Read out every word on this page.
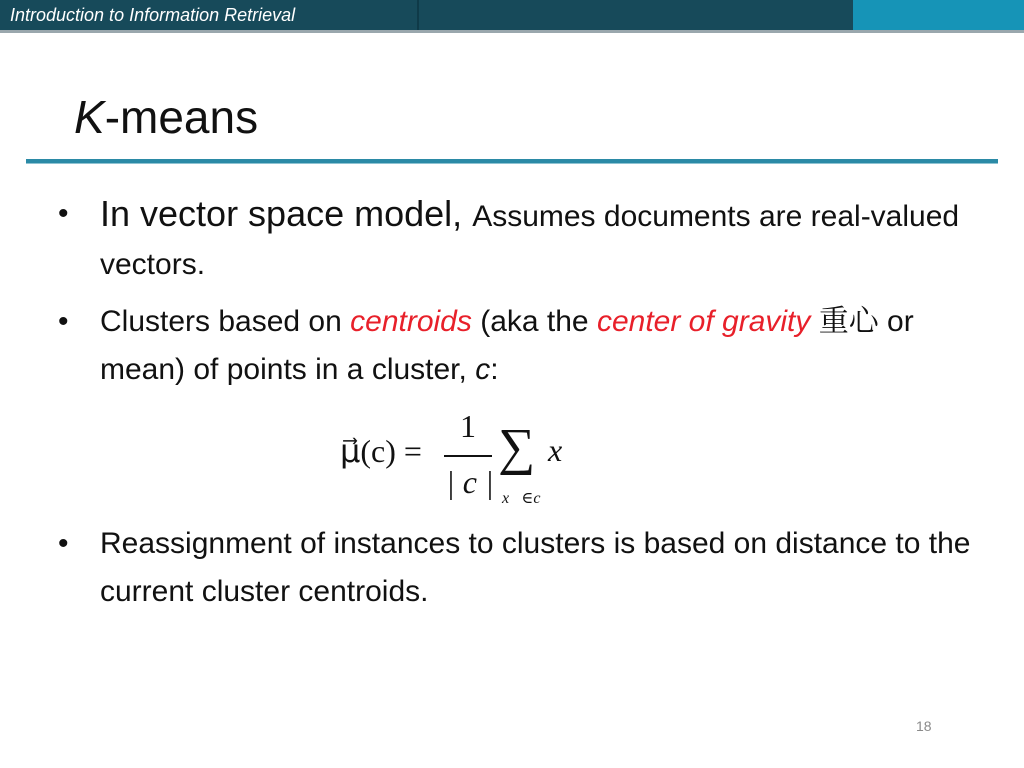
Introduction to Information Retrieval
K-means
• In vector space model, Assumes documents are real-valued vectors.
• Clusters based on centroids (aka the center of gravity 重心 or mean) of points in a cluster, c:
μ⃗(c) =
1
| c |
∑
x⃗∈c
x⃗
• Reassignment of instances to clusters is based on distance to the current cluster centroids.
18
